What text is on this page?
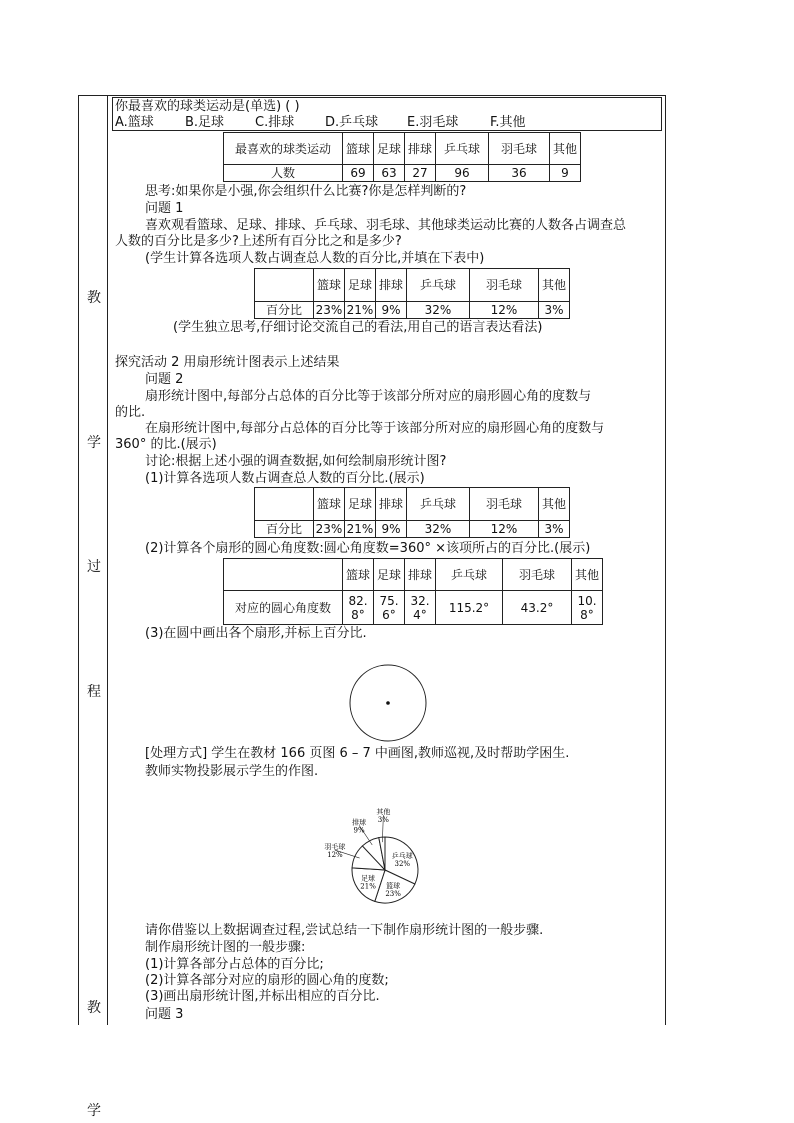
教
学
过
程
教
学
你最喜欢的球类运动是(单选) ( )
A.篮球 B.足球 C.排球 D.乒乓球 E.羽毛球 F.其他
最喜欢的球类运动	篮球	足球	排球	乒乓球	羽毛球	其他
人数	69	63	27	96	36	9
思考:如果你是小强,你会组织什么比赛?你是怎样判断的?
问题 1
喜欢观看篮球、足球、排球、乒乓球、羽毛球、其他球类运动比赛的人数各占调查总
人数的百分比是多少?上述所有百分比之和是多少?
(学生计算各选项人数占调查总人数的百分比,并填在下表中)
	篮球	足球	排球	乒乓球	羽毛球	其他
百分比	23%	21%	9%	32%	12%	3%
(学生独立思考,仔细讨论交流自己的看法,用自己的语言表达看法)
探究活动 2 用扇形统计图表示上述结果
问题 2
扇形统计图中,每部分占总体的百分比等于该部分所对应的扇形圆心角的度数与
的比.
在扇形统计图中,每部分占总体的百分比等于该部分所对应的扇形圆心角的度数与
360° 的比.(展示)
讨论:根据上述小强的调查数据,如何绘制扇形统计图?
(1)计算各选项人数占调查总人数的百分比.(展示)
	篮球	足球	排球	乒乓球	羽毛球	其他
百分比	23%	21%	9%	32%	12%	3%
(2)计算各个扇形的圆心角度数:圆心角度数=360° ×该项所占的百分比.(展示)
	篮球	足球	排球	乒乓球	羽毛球	其他
对应的圆心角度数	82.8°	75.6°	32.4°	115.2°	43.2°	10.8°
(3)在圆中画出各个扇形,并标上百分比.
[处理方式] 学生在教材 166 页图 6 – 7 中画图,教师巡视,及时帮助学困生.
教师实物投影展示学生的作图.
乒乓球
32%
篮球
23%
足球
21%
羽毛球
12%
排球
9%
其他
3%
请你借鉴以上数据调查过程,尝试总结一下制作扇形统计图的一般步骤.
制作扇形统计图的一般步骤:
(1)计算各部分占总体的百分比;
(2)计算各部分对应的扇形的圆心角的度数;
(3)画出扇形统计图,并标出相应的百分比.
问题 3
